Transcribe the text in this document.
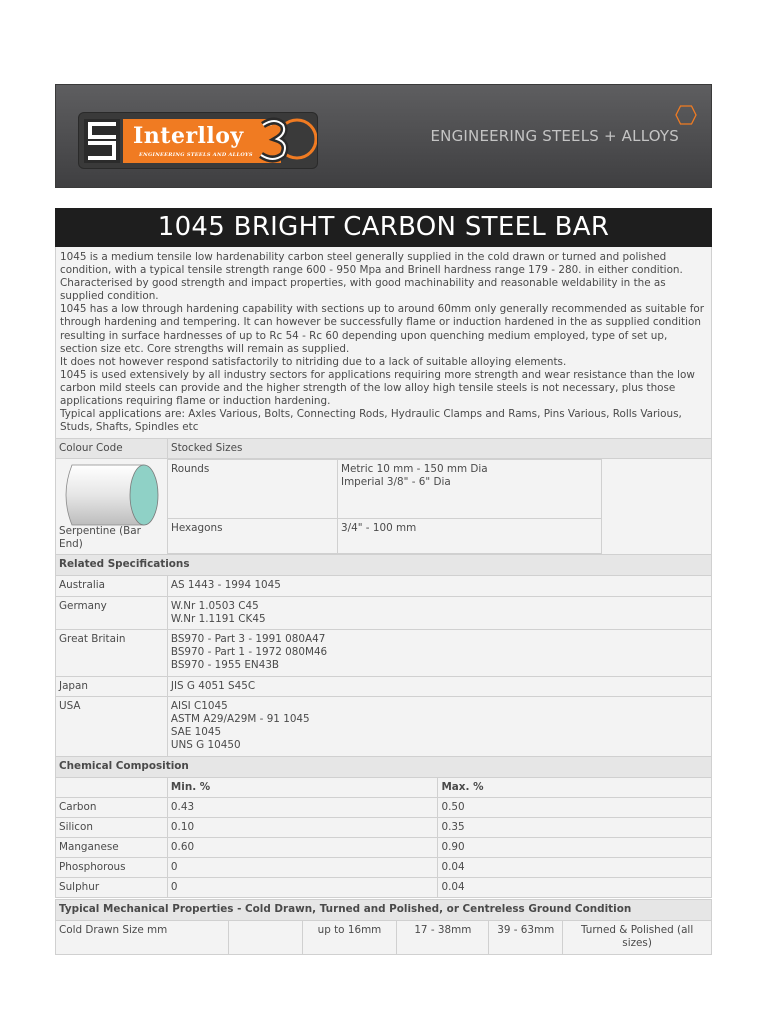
Interlloy	TM
ENGINEERING STEELS AND ALLOYS
ENGINEERING STEELS + ALLOYS
1045 BRIGHT CARBON STEEL BAR
1045 is a medium tensile low hardenability carbon steel generally supplied in the cold drawn or turned and polished condition, with a typical tensile strength range 600 - 950 Mpa and Brinell hardness range 179 - 280. in either condition. Characterised by good strength and impact properties, with good machinability and reasonable weldability in the as supplied condition.
1045 has a low through hardening capability with sections up to around 60mm only generally recommended as suitable for through hardening and tempering. It can however be successfully flame or induction hardened in the as supplied condition resulting in surface hardnesses of up to Rc 54 - Rc 60 depending upon quenching medium employed, type of set up, section size etc. Core strengths will remain as supplied.
It does not however respond satisfactorily to nitriding due to a lack of suitable alloying elements.
1045 is used extensively by all industry sectors for applications requiring more strength and wear resistance than the low carbon mild steels can provide and the higher strength of the low alloy high tensile steels is not necessary, plus those applications requiring flame or induction hardening.
Typical applications are: Axles Various, Bolts, Connecting Rods, Hydraulic Clamps and Rams, Pins Various, Rolls Various, Studs, Shafts, Spindles etc
Colour Code	Stocked Sizes
Serpentine (Bar End)
Rounds	Metric 10 mm - 150 mm Dia
Imperial 3/8" - 6" Dia
Hexagons	3/4" - 100 mm
Related Specifications	
Australia	AS 1443 - 1994 1045

Germany	W.Nr 1.0503 C45
W.Nr 1.1191 CK45

Great Britain	BS970 - Part 3 - 1991 080A47
BS970 - Part 1 - 1972 080M46
BS970 - 1955 EN43B

Japan	JIS G 4051 S45C

USA	AISI C1045
ASTM A29/A29M - 91 1045
SAE 1045
UNS G 10450
Chemical Composition		
	Min. %	Max. %
Carbon	0.43	0.50
Silicon	0.10	0.35
Manganese	0.60	0.90
Phosphorous	0	0.04
Sulphur	0	0.04
Typical Mechanical Properties - Cold Drawn, Turned and Polished, or Centreless Ground Condition
Cold Drawn Size mm		up to 16mm	17 - 38mm	39 - 63mm	Turned & Polished (all sizes)
